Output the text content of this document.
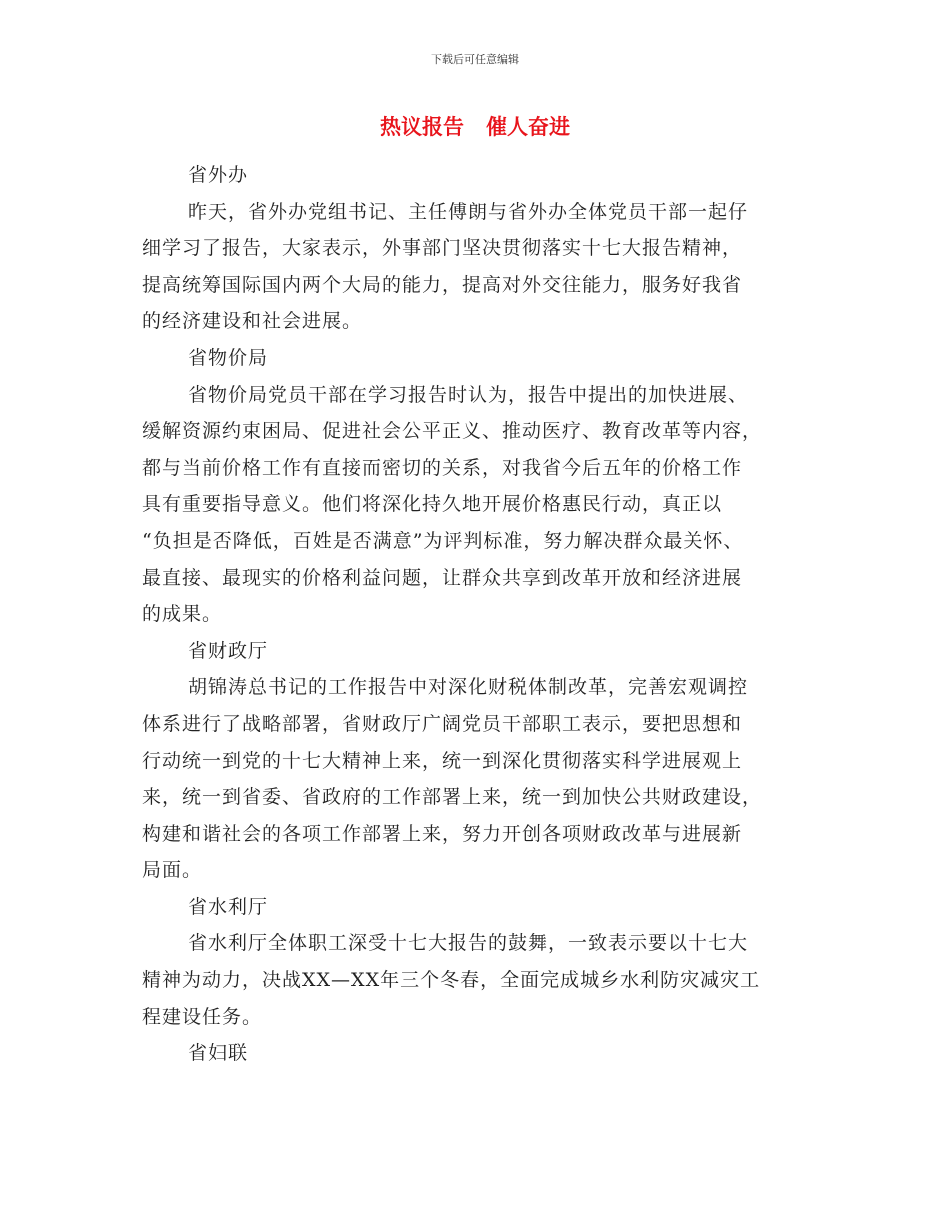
下载后可任意编辑
热议报告 催人奋进

省外办

昨天，省外办党组书记、主任傅朗与省外办全体党员干部一起仔
细学习了报告，大家表示，外事部门坚决贯彻落实十七大报告精神，
提高统筹国际国内两个大局的能力，提高对外交往能力，服务好我省
的经济建设和社会进展。

省物价局

省物价局党员干部在学习报告时认为，报告中提出的加快进展、
缓解资源约束困局、促进社会公平正义、推动医疗、教育改革等内容，
都与当前价格工作有直接而密切的关系，对我省今后五年的价格工作
具有重要指导意义。他们将深化持久地开展价格惠民行动，真正以
“负担是否降低，百姓是否满意”为评判标准，努力解决群众最关怀、
最直接、最现实的价格利益问题，让群众共享到改革开放和经济进展
的成果。

省财政厅

胡锦涛总书记的工作报告中对深化财税体制改革，完善宏观调控
体系进行了战略部署，省财政厅广阔党员干部职工表示，要把思想和
行动统一到党的十七大精神上来，统一到深化贯彻落实科学进展观上
来，统一到省委、省政府的工作部署上来，统一到加快公共财政建设，
构建和谐社会的各项工作部署上来，努力开创各项财政改革与进展新
局面。

省水利厅

省水利厅全体职工深受十七大报告的鼓舞，一致表示要以十七大
精神为动力，决战XX—XX年三个冬春，全面完成城乡水利防灾减灾工
程建设任务。

省妇联
